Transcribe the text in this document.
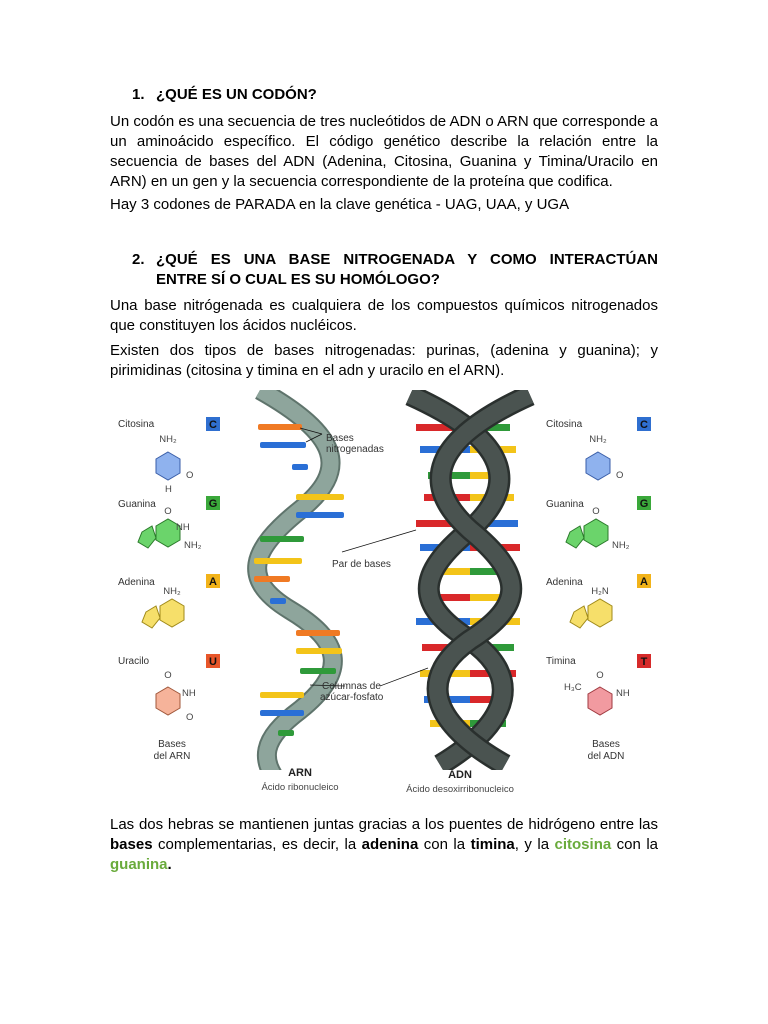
1. ¿QUÉ ES UN CODÓN?
Un codón es una secuencia de tres nucleótidos de ADN o ARN que corresponde a un aminoácido específico. El código genético describe la relación entre la secuencia de bases del ADN (Adenina, Citosina, Guanina y Timina/Uracilo en ARN) en un gen y la secuencia correspondiente de la proteína que codifica.
Hay 3 codones de PARADA en la clave genética - UAG, UAA, y UGA
2. ¿QUÉ ES UNA BASE NITROGENADA Y COMO INTERACTÚAN
ENTRE SÍ O CUAL ES SU HOMÓLOGO?
Una base nitrógenada es cualquiera de los compuestos químicos nitrogenados que constituyen los ácidos nucléicos.
Existen dos tipos de bases nitrogenadas: purinas, (adenina y guanina); y pirimidinas (citosina y timina en el adn y uracilo en el ARN).
Citosina
Guanina
Adenina
Uracilo
C
G
A
U
NH₂
O
H
O
NH
NH₂
NH₂
O
NH
O
Bases
del ARN
Bases
nitrogenadas
Par de bases
Columnas de
azúcar-fosfato
ARN
Ácido ribonucleico
ADN
Ácido desoxirribonucleico
Citosina
Guanina
Adenina
Timina
C
G
A
T
NH₂
O
O
NH₂
H₂N
H₃C
O
NH
Bases
del ADN
Las dos hebras se mantienen juntas gracias a los puentes de hidrógeno entre las bases complementarias, es decir, la adenina con la timina, y la citosina con la guanina.
